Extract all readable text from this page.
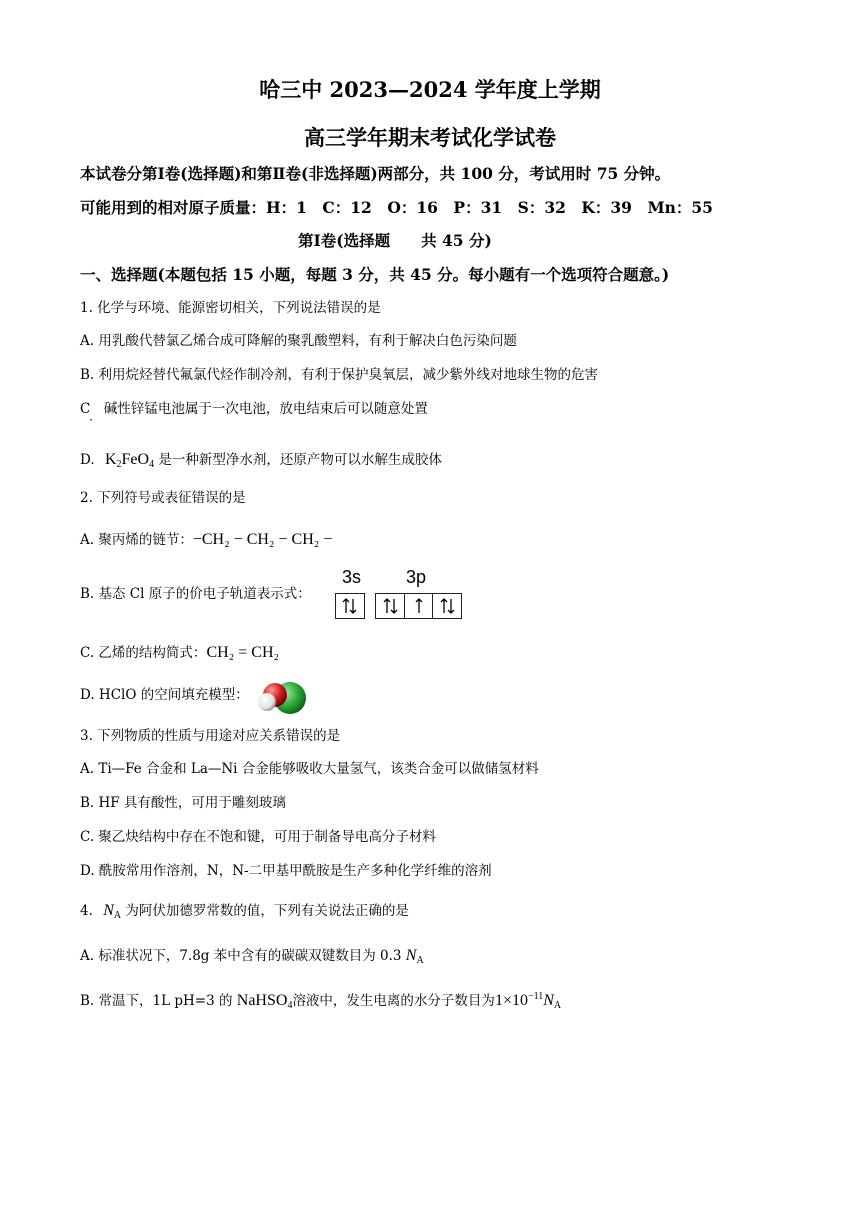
哈三中 2023—2024 学年度上学期
高三学年期末考试化学试卷
本试卷分第Ⅰ卷(选择题)和第Ⅱ卷(非选择题)两部分，共 100 分，考试用时 75 分钟。
可能用到的相对原子质量：H：1　C：12　O：16　P：31　S：32　K：39　Mn：55
第Ⅰ卷(选择题　　共 45 分)
一、选择题(本题包括 15 小题，每题 3 分，共 45 分。每小题有一个选项符合题意。)
1. 化学与环境、能源密切相关，下列说法错误的是
A. 用乳酸代替氯乙烯合成可降解的聚乳酸塑料，有利于解决白色污染问题
B. 利用烷烃替代氟氯代烃作制冷剂，有利于保护臭氧层，减少紫外线对地球生物的危害
C　碱性锌锰电池属于一次电池，放电结束后可以随意处置
·
D. $K_2FeO_4$ 是一种新型净水剂，还原产物可以水解生成胶体
2. 下列符号或表征错误的是
A. 聚丙烯的链节：−CH₂ − CH₂ − CH₂ −
B. 基态 Cl 原子的价电子轨道表示式：
3s 3p
C. 乙烯的结构简式：CH₂ = CH₂
D. HClO 的空间填充模型：
3. 下列物质的性质与用途对应关系错误的是
A. Ti—Fe 合金和 La—Ni 合金能够吸收大量氢气，该类合金可以做储氢材料
B. HF 具有酸性，可用于雕刻玻璃
C. 聚乙炔结构中存在不饱和键，可用于制备导电高分子材料
D. 酰胺常用作溶剂，N，N-二甲基甲酰胺是生产多种化学纤维的溶剂
4. $N_A$ 为阿伏加德罗常数的值，下列有关说法正确的是
A. 标准状况下，7.8g 苯中含有的碳碳双键数目为 0.3 $N_A$
B. 常温下，1L pH=3 的 NaHSO$_4$溶液中，发生电离的水分子数目为$1\times 10^{-11}N_A$
